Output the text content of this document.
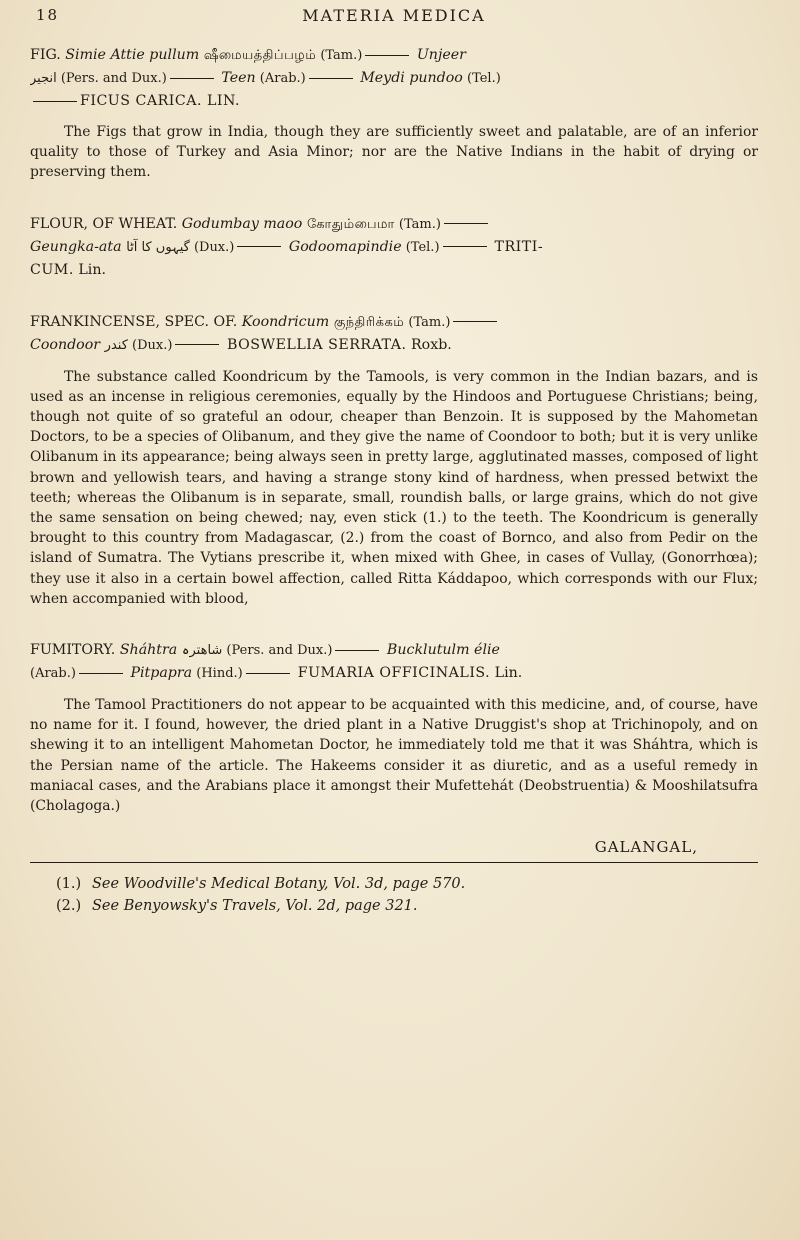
18	MATERIA MEDICA

FIG. Simie Attie pullum ஷீமையத்திப்பழம் (Tam.)	Unjeer

انجیر (Pers. and Dux.)	Teen (Arab.)	Meydi pundoo (Tel.)

FICUS CARICA. LIN.

The Figs that grow in India, though they are sufficiently sweet and palatable, are of an inferior quality to those of Turkey and Asia Minor; nor are the Native Indians in the habit of drying or preserving them.

FLOUR, OF WHEAT. Godumbay maoo கோதும்பைமா (Tam.)

Geungka-ata گیہوں کا آٹا (Dux.)	Godoomapindie (Tel.)	TRITI-

CUM. Lin.

FRANKINCENSE, SPEC. OF. Koondricum குந்திரிக்கம் (Tam.)

Coondoor کندر (Dux.)	BOSWELLIA SERRATA. Roxb.

The substance called Koondricum by the Tamools, is very common in the Indian bazars, and is used as an incense in religious ceremonies, equally by the Hindoos and Portuguese Christians; being, though not quite of so grateful an odour, cheaper than Benzoin. It is supposed by the Mahometan Doctors, to be a species of Olibanum, and they give the name of Coondoor to both; but it is very unlike Olibanum in its appearance; being always seen in pretty large, agglutinated masses, composed of light brown and yellowish tears, and having a strange stony kind of hardness, when pressed betwixt the teeth; whereas the Olibanum is in separate, small, roundish balls, or large grains, which do not give the same sensation on being chewed; nay, even stick (1.) to the teeth. The Koondricum is generally brought to this country from Madagascar, (2.) from the coast of Bornco, and also from Pedir on the island of Sumatra. The Vytians prescribe it, when mixed with Ghee, in cases of Vullay, (Gonorrhœa); they use it also in a certain bowel affection, called Ritta Káddapoo, which corresponds with our Flux; when accompanied with blood,

FUMITORY. Sháhtra شاهترہ (Pers. and Dux.)	Bucklutulm élie

(Arab.)	Pitpapra (Hind.)	FUMARIA OFFICINALIS. Lin.

The Tamool Practitioners do not appear to be acquainted with this medicine, and, of course, have no name for it. I found, however, the dried plant in a Native Druggist's shop at Trichinopoly, and on shewing it to an intelligent Mahometan Doctor, he immediately told me that it was Sháhtra, which is the Persian name of the article. The Hakeems consider it as diuretic, and as a useful remedy in maniacal cases, and the Arabians place it amongst their Mufettehát (Deobstruentia) & Mooshilatsufra (Cholagoga.)

GALANGAL,

(1.) See Woodville's Medical Botany, Vol. 3d, page 570.

(2.) See Benyowsky's Travels, Vol. 2d, page 321.
